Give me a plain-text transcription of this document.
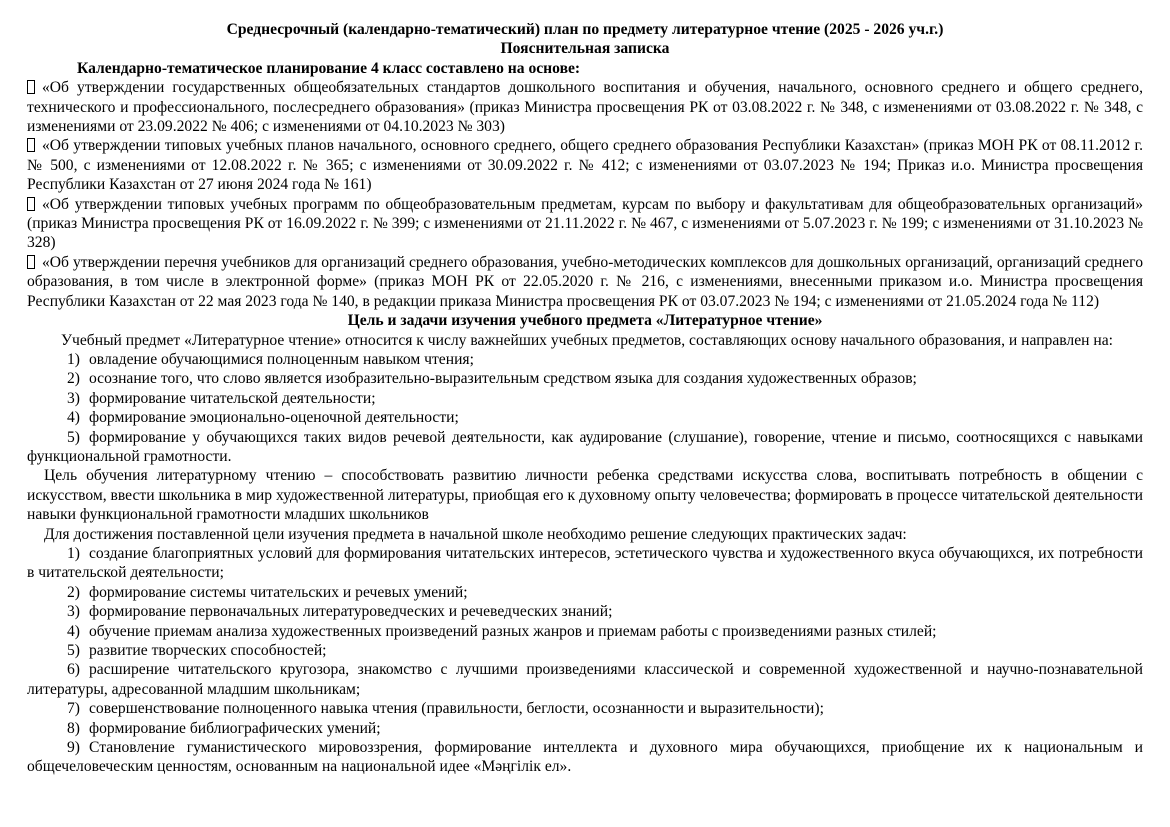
Среднесрочный (календарно-тематический) план по предмету литературное чтение (2025 - 2026 уч.г.)

Пояснительная записка

Календарно-тематическое планирование 4 класс составлено на основе:

«Об утверждении государственных общеобязательных стандартов дошкольного воспитания и обучения, начального, основного среднего и общего среднего, технического и профессионального, послесреднего образования» (приказ Министра просвещения РК от 03.08.2022 г. № 348, с изменениями от 03.08.2022 г. № 348, с изменениями от 23.09.2022 № 406; с изменениями от 04.10.2023 № 303)

«Об утверждении типовых учебных планов начального, основного среднего, общего среднего образования Республики Казахстан» (приказ МОН РК от 08.11.2012 г. № 500, с изменениями от 12.08.2022 г. № 365; с изменениями от 30.09.2022 г. № 412; с изменениями от 03.07.2023 № 194; Приказ и.о. Министра просвещения Республики Казахстан от 27 июня 2024 года № 161)

«Об утверждении типовых учебных программ по общеобразовательным предметам, курсам по выбору и факультативам для общеобразовательных организаций» (приказ Министра просвещения РК от 16.09.2022 г. № 399; с изменениями от 21.11.2022 г. № 467, с изменениями от 5.07.2023 г. № 199; с изменениями от 31.10.2023 № 328)

«Об утверждении перечня учебников для организаций среднего образования, учебно-методических комплексов для дошкольных организаций, организаций среднего образования, в том числе в электронной форме» (приказ МОН РК от 22.05.2020 г. № 216, с изменениями, внесенными приказом и.о. Министра просвещения Республики Казахстан от 22 мая 2023 года № 140, в редакции приказа Министра просвещения РК от 03.07.2023 № 194; с изменениями от 21.05.2024 года № 112)

Цель и задачи изучения учебного предмета «Литературное чтение»

Учебный предмет «Литературное чтение» относится к числу важнейших учебных предметов, составляющих основу начального образования, и направлен на:

1) овладение обучающимися полноценным навыком чтения;

2) осознание того, что слово является изобразительно-выразительным средством языка для создания художественных образов;

3) формирование читательской деятельности;

4) формирование эмоционально-оценочной деятельности;

5) формирование у обучающихся таких видов речевой деятельности, как аудирование (слушание), говорение, чтение и письмо, соотносящихся с навыками функциональной грамотности.

Цель обучения литературному чтению – способствовать развитию личности ребенка средствами искусства слова, воспитывать потребность в общении с искусством, ввести школьника в мир художественной литературы, приобщая его к духовному опыту человечества; формировать в процессе читательской деятельности навыки функциональной грамотности младших школьников

Для достижения поставленной цели изучения предмета в начальной школе необходимо решение следующих практических задач:

1) создание благоприятных условий для формирования читательских интересов, эстетического чувства и художественного вкуса обучающихся, их потребности в читательской деятельности;

2) формирование системы читательских и речевых умений;

3) формирование первоначальных литературоведческих и речеведческих знаний;

4) обучение приемам анализа художественных произведений разных жанров и приемам работы с произведениями разных стилей;

5) развитие творческих способностей;

6) расширение читательского кругозора, знакомство с лучшими произведениями классической и современной художественной и научно-познавательной литературы, адресованной младшим школьникам;

7) совершенствование полноценного навыка чтения (правильности, беглости, осознанности и выразительности);

8) формирование библиографических умений;

9) Становление гуманистического мировоззрения, формирование интеллекта и духовного мира обучающихся, приобщение их к национальным и общечеловеческим ценностям, основанным на национальной идее «Мәңгілік ел».
